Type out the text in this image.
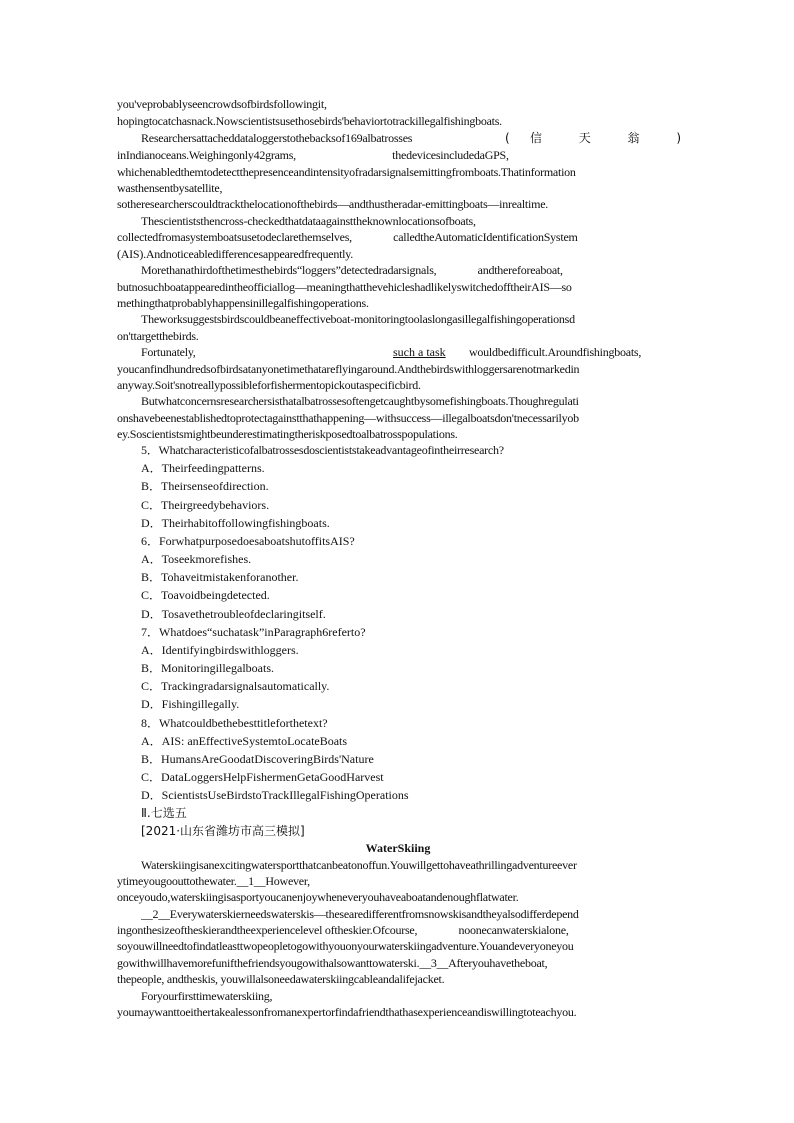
you'veprobablyseencrowdsofbirdsfollowingit,
hopingtocatchasnack.Nowscientistsusethosebirds'behaviortotrackillegalfishingboats.
Researchersattacheddataloggerstothebacksof169albatrosses	( 信 天 翁 )
inIndianoceans.Weighingonly42grams,                                   thedevicesincludedaGPS,
whichenabledthemtodetectthepresenceandintensityofradarsignalsemittingfromboats.Thatinformation
wasthensentbysatellite,
sotheresearcherscouldtrackthelocationofthebirds—andthustheradar-emittingboats—inrealtime.
Thescientiststhencross-checkedthatdataagainsttheknownlocationsofboats,
collectedfromasystemboatsusetodeclarethemselves,               calledtheAutomaticIdentificationSystem
(AIS).Andnoticeabledifferencesappearedfrequently.
Morethanathirdofthetimesthebirds“loggers”detectedradarsignals,               andthereforeaboat,
butnosuchboatappearedintheofficiallog—meaningthatthevehicleshadlikelyswitchedofftheirAIS—so
methingthatprobablyhappensinillegalfishingoperations.
Theworksuggestsbirdscouldbeaneffectiveboat-monitoringtoolaslongasillegalfishingoperationsd
on'ttargetthebirds.
Fortunately,	such a task	wouldbedifficult.Aroundfishingboats,
youcanfindhundredsofbirdsatanyonetimethatareflyingaround.Andthebirdswithloggersarenotmarkedin
anyway.Soit'snotreallypossibleforfishermentopickoutaspecificbird.
Butwhatconcernsresearchersisthatalbatrossesoftengetcaughtbysomefishingboats.Thoughregulati
onshavebeenestablishedtoprotectagainstthathappening—withsuccess—illegalboatsdon'tnecessarilyob
ey.Soscientistsmightbeunderestimatingtheriskposedtoalbatrosspopulations.
5．Whatcharacteristicofalbatrossesdoscientiststakeadvantageofintheirresearch?
A．Theirfeedingpatterns.
B．Theirsenseofdirection.
C．Theirgreedybehaviors.
D．Theirhabitoffollowingfishingboats.
6．ForwhatpurposedoesaboatshutoffitsAIS?
A．Toseekmorefishes.
B．Tohaveitmistakenforanother.
C．Toavoidbeingdetected.
D．Tosavethetroubleofdeclaringitself.
7．Whatdoes“suchatask”inParagraph6referto?
A．Identifyingbirdswithloggers.
B．Monitoringillegalboats.
C．Trackingradarsignalsautomatically.
D．Fishingillegally.
8．Whatcouldbethebesttitleforthetext?
A．AIS: anEffectiveSystemtoLocateBoats
B．HumansAreGoodatDiscoveringBirds'Nature
C．DataLoggersHelpFishermenGetaGoodHarvest
D．ScientistsUseBirdstoTrackIllegalFishingOperations
Ⅱ.七选五
[2021·山东省潍坊市高三模拟]
WaterSkiing
Waterskiingisanexcitingwatersportthatcanbeatonoffun.Youwillgettohaveathrillingadventureever
ytimeyougoouttothewater.__1__However,
onceyoudo,waterskiingisasportyoucanenjoywheneveryouhaveaboatandenoughflatwater.
__2__Everywaterskierneedswaterskis—thesearedifferentfromsnowskisandtheyalsodifferdepend
ingonthesizeoftheskierandtheexperiencelevel oftheskier.Ofcourse,               noonecanwaterskialone,
soyouwillneedtofindatleasttwopeopletogowithyouonyourwaterskiingadventure.Youandeveryoneyou
gowithwillhavemorefunifthefriendsyougowithalsowanttowaterski.__3__Afteryouhavetheboat,
thepeople, andtheskis, youwillalsoneedawaterskiingcableandalifejacket.
Foryourfirsttimewaterskiing,
youmaywanttoeithertakealessonfromanexpertorfindafriendthathasexperienceandiswillingtoteachyou.
